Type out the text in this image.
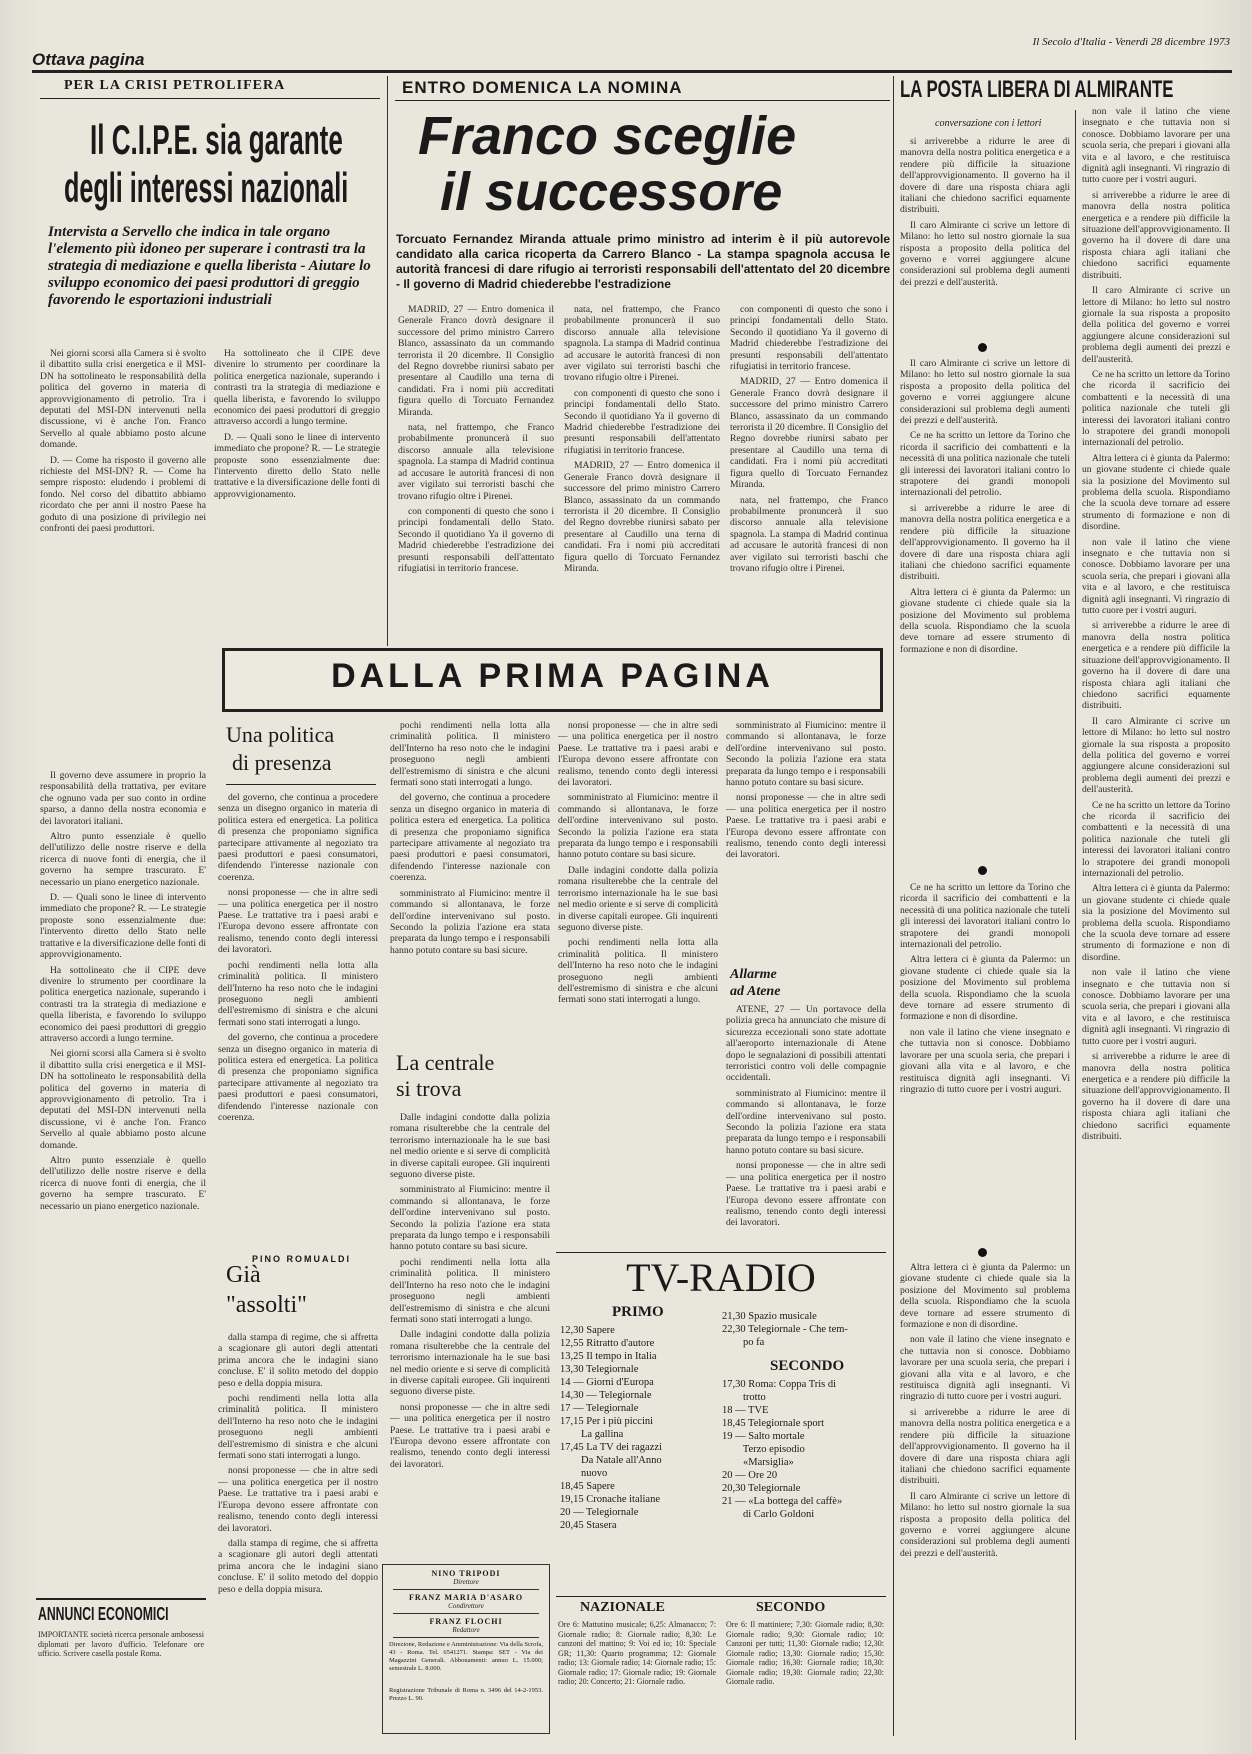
Ottava pagina
Il Secolo d'Italia - Venerdì 28 dicembre 1973
PER LA CRISI PETROLIFERA
Il C.I.P.E. sia garante
degli interessi nazionali
Intervista a Servello che indica in tale organo l'elemento più idoneo per superare i contrasti tra la strategia di mediazione e quella liberista - Aiutare lo sviluppo economico dei paesi produttori di greggio favorendo le esportazioni industriali

Nei giorni scorsi alla Camera si è svolto il dibattito sulla crisi energetica e il MSI-DN ha sottolineato le responsabilità della politica del governo in materia di approvvigionamento di petrolio. Tra i deputati del MSI-DN intervenuti nella discussione, vi è anche l'on. Franco Servello al quale abbiamo posto alcune domande.

D. — Come ha risposto il governo alle richieste del MSI-DN? R. — Come ha sempre risposto: eludendo i problemi di fondo. Nel corso del dibattito abbiamo ricordato che per anni il nostro Paese ha goduto di una posizione di privilegio nei confronti dei paesi produttori.

Ha sottolineato che il CIPE deve divenire lo strumento per coordinare la politica energetica nazionale, superando i contrasti tra la strategia di mediazione e quella liberista, e favorendo lo sviluppo economico dei paesi produttori di greggio attraverso accordi a lungo termine.

D. — Quali sono le linee di intervento immediato che propone? R. — Le strategie proposte sono essenzialmente due: l'intervento diretto dello Stato nelle trattative e la diversificazione delle fonti di approvvigionamento.

Il governo deve assumere in proprio la responsabilità della trattativa, per evitare che ognuno vada per suo conto in ordine sparso, a danno della nostra economia e dei lavoratori italiani.

Altro punto essenziale è quello dell'utilizzo delle nostre riserve e della ricerca di nuove fonti di energia, che il governo ha sempre trascurato. E' necessario un piano energetico nazionale.

D. — Quali sono le linee di intervento immediato che propone? R. — Le strategie proposte sono essenzialmente due: l'intervento diretto dello Stato nelle trattative e la diversificazione delle fonti di approvvigionamento.

Ha sottolineato che il CIPE deve divenire lo strumento per coordinare la politica energetica nazionale, superando i contrasti tra la strategia di mediazione e quella liberista, e favorendo lo sviluppo economico dei paesi produttori di greggio attraverso accordi a lungo termine.

Nei giorni scorsi alla Camera si è svolto il dibattito sulla crisi energetica e il MSI-DN ha sottolineato le responsabilità della politica del governo in materia di approvvigionamento di petrolio. Tra i deputati del MSI-DN intervenuti nella discussione, vi è anche l'on. Franco Servello al quale abbiamo posto alcune domande.

Altro punto essenziale è quello dell'utilizzo delle nostre riserve e della ricerca di nuove fonti di energia, che il governo ha sempre trascurato. E' necessario un piano energetico nazionale.

ENTRO DOMENICA LA NOMINA
Franco sceglie
il successore
Torcuato Fernandez Miranda attuale primo ministro ad interim è il più autorevole candidato alla carica ricoperta da Carrero Blanco - La stampa spagnola accusa le autorità francesi di dare rifugio ai terroristi responsabili dell'attentato del 20 dicembre - Il governo di Madrid chiederebbe l'estradizione

MADRID, 27 — Entro domenica il Generale Franco dovrà designare il successore del primo ministro Carrero Blanco, assassinato da un commando terrorista il 20 dicembre. Il Consiglio del Regno dovrebbe riunirsi sabato per presentare al Caudillo una terna di candidati. Fra i nomi più accreditati figura quello di Torcuato Fernandez Miranda.

nata, nel frattempo, che Franco probabilmente pronuncerà il suo discorso annuale alla televisione spagnola. La stampa di Madrid continua ad accusare le autorità francesi di non aver vigilato sui terroristi baschi che trovano rifugio oltre i Pirenei.

con componenti di questo che sono i principi fondamentali dello Stato. Secondo il quotidiano Ya il governo di Madrid chiederebbe l'estradizione dei presunti responsabili dell'attentato rifugiatisi in territorio francese.

nata, nel frattempo, che Franco probabilmente pronuncerà il suo discorso annuale alla televisione spagnola. La stampa di Madrid continua ad accusare le autorità francesi di non aver vigilato sui terroristi baschi che trovano rifugio oltre i Pirenei.

con componenti di questo che sono i principi fondamentali dello Stato. Secondo il quotidiano Ya il governo di Madrid chiederebbe l'estradizione dei presunti responsabili dell'attentato rifugiatisi in territorio francese.

MADRID, 27 — Entro domenica il Generale Franco dovrà designare il successore del primo ministro Carrero Blanco, assassinato da un commando terrorista il 20 dicembre. Il Consiglio del Regno dovrebbe riunirsi sabato per presentare al Caudillo una terna di candidati. Fra i nomi più accreditati figura quello di Torcuato Fernandez Miranda.

con componenti di questo che sono i principi fondamentali dello Stato. Secondo il quotidiano Ya il governo di Madrid chiederebbe l'estradizione dei presunti responsabili dell'attentato rifugiatisi in territorio francese.

MADRID, 27 — Entro domenica il Generale Franco dovrà designare il successore del primo ministro Carrero Blanco, assassinato da un commando terrorista il 20 dicembre. Il Consiglio del Regno dovrebbe riunirsi sabato per presentare al Caudillo una terna di candidati. Fra i nomi più accreditati figura quello di Torcuato Fernandez Miranda.

nata, nel frattempo, che Franco probabilmente pronuncerà il suo discorso annuale alla televisione spagnola. La stampa di Madrid continua ad accusare le autorità francesi di non aver vigilato sui terroristi baschi che trovano rifugio oltre i Pirenei.

LA POSTA LIBERA DI ALMIRANTE
conversazione con i lettori

si arriverebbe a ridurre le aree di manovra della nostra politica energetica e a rendere più difficile la situazione dell'approvvigionamento. Il governo ha il dovere di dare una risposta chiara agli italiani che chiedono sacrifici equamente distribuiti.

Il caro Almirante ci scrive un lettore di Milano: ho letto sul nostro giornale la sua risposta a proposito della politica del governo e vorrei aggiungere alcune considerazioni sul problema degli aumenti dei prezzi e dell'austerità.

Il caro Almirante ci scrive un lettore di Milano: ho letto sul nostro giornale la sua risposta a proposito della politica del governo e vorrei aggiungere alcune considerazioni sul problema degli aumenti dei prezzi e dell'austerità.

Ce ne ha scritto un lettore da Torino che ricorda il sacrificio dei combattenti e la necessità di una politica nazionale che tuteli gli interessi dei lavoratori italiani contro lo strapotere dei grandi monopoli internazionali del petrolio.

si arriverebbe a ridurre le aree di manovra della nostra politica energetica e a rendere più difficile la situazione dell'approvvigionamento. Il governo ha il dovere di dare una risposta chiara agli italiani che chiedono sacrifici equamente distribuiti.

Altra lettera ci è giunta da Palermo: un giovane studente ci chiede quale sia la posizione del Movimento sul problema della scuola. Rispondiamo che la scuola deve tornare ad essere strumento di formazione e non di disordine.

Ce ne ha scritto un lettore da Torino che ricorda il sacrificio dei combattenti e la necessità di una politica nazionale che tuteli gli interessi dei lavoratori italiani contro lo strapotere dei grandi monopoli internazionali del petrolio.

Altra lettera ci è giunta da Palermo: un giovane studente ci chiede quale sia la posizione del Movimento sul problema della scuola. Rispondiamo che la scuola deve tornare ad essere strumento di formazione e non di disordine.

non vale il latino che viene insegnato e che tuttavia non si conosce. Dobbiamo lavorare per una scuola seria, che prepari i giovani alla vita e al lavoro, e che restituisca dignità agli insegnanti. Vi ringrazio di tutto cuore per i vostri auguri.

Altra lettera ci è giunta da Palermo: un giovane studente ci chiede quale sia la posizione del Movimento sul problema della scuola. Rispondiamo che la scuola deve tornare ad essere strumento di formazione e non di disordine.

non vale il latino che viene insegnato e che tuttavia non si conosce. Dobbiamo lavorare per una scuola seria, che prepari i giovani alla vita e al lavoro, e che restituisca dignità agli insegnanti. Vi ringrazio di tutto cuore per i vostri auguri.

si arriverebbe a ridurre le aree di manovra della nostra politica energetica e a rendere più difficile la situazione dell'approvvigionamento. Il governo ha il dovere di dare una risposta chiara agli italiani che chiedono sacrifici equamente distribuiti.

Il caro Almirante ci scrive un lettore di Milano: ho letto sul nostro giornale la sua risposta a proposito della politica del governo e vorrei aggiungere alcune considerazioni sul problema degli aumenti dei prezzi e dell'austerità.

non vale il latino che viene insegnato e che tuttavia non si conosce. Dobbiamo lavorare per una scuola seria, che prepari i giovani alla vita e al lavoro, e che restituisca dignità agli insegnanti. Vi ringrazio di tutto cuore per i vostri auguri.

si arriverebbe a ridurre le aree di manovra della nostra politica energetica e a rendere più difficile la situazione dell'approvvigionamento. Il governo ha il dovere di dare una risposta chiara agli italiani che chiedono sacrifici equamente distribuiti.

Il caro Almirante ci scrive un lettore di Milano: ho letto sul nostro giornale la sua risposta a proposito della politica del governo e vorrei aggiungere alcune considerazioni sul problema degli aumenti dei prezzi e dell'austerità.

Ce ne ha scritto un lettore da Torino che ricorda il sacrificio dei combattenti e la necessità di una politica nazionale che tuteli gli interessi dei lavoratori italiani contro lo strapotere dei grandi monopoli internazionali del petrolio.

Altra lettera ci è giunta da Palermo: un giovane studente ci chiede quale sia la posizione del Movimento sul problema della scuola. Rispondiamo che la scuola deve tornare ad essere strumento di formazione e non di disordine.

non vale il latino che viene insegnato e che tuttavia non si conosce. Dobbiamo lavorare per una scuola seria, che prepari i giovani alla vita e al lavoro, e che restituisca dignità agli insegnanti. Vi ringrazio di tutto cuore per i vostri auguri.

si arriverebbe a ridurre le aree di manovra della nostra politica energetica e a rendere più difficile la situazione dell'approvvigionamento. Il governo ha il dovere di dare una risposta chiara agli italiani che chiedono sacrifici equamente distribuiti.

Il caro Almirante ci scrive un lettore di Milano: ho letto sul nostro giornale la sua risposta a proposito della politica del governo e vorrei aggiungere alcune considerazioni sul problema degli aumenti dei prezzi e dell'austerità.

Ce ne ha scritto un lettore da Torino che ricorda il sacrificio dei combattenti e la necessità di una politica nazionale che tuteli gli interessi dei lavoratori italiani contro lo strapotere dei grandi monopoli internazionali del petrolio.

Altra lettera ci è giunta da Palermo: un giovane studente ci chiede quale sia la posizione del Movimento sul problema della scuola. Rispondiamo che la scuola deve tornare ad essere strumento di formazione e non di disordine.

non vale il latino che viene insegnato e che tuttavia non si conosce. Dobbiamo lavorare per una scuola seria, che prepari i giovani alla vita e al lavoro, e che restituisca dignità agli insegnanti. Vi ringrazio di tutto cuore per i vostri auguri.

si arriverebbe a ridurre le aree di manovra della nostra politica energetica e a rendere più difficile la situazione dell'approvvigionamento. Il governo ha il dovere di dare una risposta chiara agli italiani che chiedono sacrifici equamente distribuiti.

DALLA PRIMA PAGINA
Una politica
di presenza

del governo, che continua a procedere senza un disegno organico in materia di politica estera ed energetica. La politica di presenza che proponiamo significa partecipare attivamente al negoziato tra paesi produttori e paesi consumatori, difendendo l'interesse nazionale con coerenza.

nonsi proponesse — che in altre sedi — una politica energetica per il nostro Paese. Le trattative tra i paesi arabi e l'Europa devono essere affrontate con realismo, tenendo conto degli interessi dei lavoratori.

pochi rendimenti nella lotta alla criminalità politica. Il ministero dell'Interno ha reso noto che le indagini proseguono negli ambienti dell'estremismo di sinistra e che alcuni fermati sono stati interrogati a lungo.

del governo, che continua a procedere senza un disegno organico in materia di politica estera ed energetica. La politica di presenza che proponiamo significa partecipare attivamente al negoziato tra paesi produttori e paesi consumatori, difendendo l'interesse nazionale con coerenza.

PINO ROMUALDI
Già
"assolti"

dalla stampa di regime, che si affretta a scagionare gli autori degli attentati prima ancora che le indagini siano concluse. E' il solito metodo del doppio peso e della doppia misura.

pochi rendimenti nella lotta alla criminalità politica. Il ministero dell'Interno ha reso noto che le indagini proseguono negli ambienti dell'estremismo di sinistra e che alcuni fermati sono stati interrogati a lungo.

nonsi proponesse — che in altre sedi — una politica energetica per il nostro Paese. Le trattative tra i paesi arabi e l'Europa devono essere affrontate con realismo, tenendo conto degli interessi dei lavoratori.

dalla stampa di regime, che si affretta a scagionare gli autori degli attentati prima ancora che le indagini siano concluse. E' il solito metodo del doppio peso e della doppia misura.

pochi rendimenti nella lotta alla criminalità politica. Il ministero dell'Interno ha reso noto che le indagini proseguono negli ambienti dell'estremismo di sinistra e che alcuni fermati sono stati interrogati a lungo.

del governo, che continua a procedere senza un disegno organico in materia di politica estera ed energetica. La politica di presenza che proponiamo significa partecipare attivamente al negoziato tra paesi produttori e paesi consumatori, difendendo l'interesse nazionale con coerenza.

somministrato al Fiumicino: mentre il commando si allontanava, le forze dell'ordine intervenivano sul posto. Secondo la polizia l'azione era stata preparata da lungo tempo e i responsabili hanno potuto contare su basi sicure.

La centrale
si trova

Dalle indagini condotte dalla polizia romana risulterebbe che la centrale del terrorismo internazionale ha le sue basi nel medio oriente e si serve di complicità in diverse capitali europee. Gli inquirenti seguono diverse piste.

somministrato al Fiumicino: mentre il commando si allontanava, le forze dell'ordine intervenivano sul posto. Secondo la polizia l'azione era stata preparata da lungo tempo e i responsabili hanno potuto contare su basi sicure.

pochi rendimenti nella lotta alla criminalità politica. Il ministero dell'Interno ha reso noto che le indagini proseguono negli ambienti dell'estremismo di sinistra e che alcuni fermati sono stati interrogati a lungo.

Dalle indagini condotte dalla polizia romana risulterebbe che la centrale del terrorismo internazionale ha le sue basi nel medio oriente e si serve di complicità in diverse capitali europee. Gli inquirenti seguono diverse piste.

nonsi proponesse — che in altre sedi — una politica energetica per il nostro Paese. Le trattative tra i paesi arabi e l'Europa devono essere affrontate con realismo, tenendo conto degli interessi dei lavoratori.

nonsi proponesse — che in altre sedi — una politica energetica per il nostro Paese. Le trattative tra i paesi arabi e l'Europa devono essere affrontate con realismo, tenendo conto degli interessi dei lavoratori.

somministrato al Fiumicino: mentre il commando si allontanava, le forze dell'ordine intervenivano sul posto. Secondo la polizia l'azione era stata preparata da lungo tempo e i responsabili hanno potuto contare su basi sicure.

Dalle indagini condotte dalla polizia romana risulterebbe che la centrale del terrorismo internazionale ha le sue basi nel medio oriente e si serve di complicità in diverse capitali europee. Gli inquirenti seguono diverse piste.

pochi rendimenti nella lotta alla criminalità politica. Il ministero dell'Interno ha reso noto che le indagini proseguono negli ambienti dell'estremismo di sinistra e che alcuni fermati sono stati interrogati a lungo.

somministrato al Fiumicino: mentre il commando si allontanava, le forze dell'ordine intervenivano sul posto. Secondo la polizia l'azione era stata preparata da lungo tempo e i responsabili hanno potuto contare su basi sicure.

nonsi proponesse — che in altre sedi — una politica energetica per il nostro Paese. Le trattative tra i paesi arabi e l'Europa devono essere affrontate con realismo, tenendo conto degli interessi dei lavoratori.

Allarme
ad Atene

ATENE, 27 — Un portavoce della polizia greca ha annunciato che misure di sicurezza eccezionali sono state adottate all'aeroporto internazionale di Atene dopo le segnalazioni di possibili attentati terroristici contro voli delle compagnie occidentali.

somministrato al Fiumicino: mentre il commando si allontanava, le forze dell'ordine intervenivano sul posto. Secondo la polizia l'azione era stata preparata da lungo tempo e i responsabili hanno potuto contare su basi sicure.

nonsi proponesse — che in altre sedi — una politica energetica per il nostro Paese. Le trattative tra i paesi arabi e l'Europa devono essere affrontate con realismo, tenendo conto degli interessi dei lavoratori.

TV-RADIO
PRIMO
12,30 Sapere
12,55 Ritratto d'autore
13,25 Il tempo in Italia
13,30 Telegiornale
14 — Giorni d'Europa
14,30 — Telegiornale
17 — Telegiornale
17,15 Per i più piccini
La gallina
17,45 La TV dei ragazzi
Da Natale all'Anno
nuovo
18,45 Sapere
19,15 Cronache italiane
20 — Telegiornale
20,45 Stasera
21,30 Spazio musicale
22,30 Telegiornale - Che tem-
po fa
SECONDO
17,30 Roma: Coppa Tris di
trotto
18 — TVE
18,45 Telegiornale sport
19 — Salto mortale
Terzo episodio
«Marsiglia»
20 — Ore 20
20,30 Telegiornale
21 — «La bottega del caffè»
di Carlo Goldoni
NINO TRIPODI
Direttore
FRANZ MARIA D'ASARO
Condirettore
FRANZ FLOCHI
Redattore
Direzione, Redazione e Amministrazione: Via della Scrofa, 43 - Roma. Tel. 6541271. Stampa: SET - Via dei Magazzini Generali. Abbonamenti: annuo L. 15.000; semestrale L. 8.000.
Registrazione Tribunale di Roma n. 3496 del 14-2-1953. Prezzo L. 90.
NAZIONALE	SECONDO
Ore 6: Mattutino musicale; 6,25: Almanacco; 7: Giornale radio; 8: Giornale radio; 8,30: Le canzoni del mattino; 9: Voi ed io; 10: Speciale GR; 11,30: Quarto programma; 12: Giornale radio; 13: Giornale radio; 14: Giornale radio; 15: Giornale radio; 17: Giornale radio; 19: Giornale radio; 20: Concerto; 21: Giornale radio.
Ore 6: Il mattiniere; 7,30: Giornale radio; 8,30: Giornale radio; 9,30: Giornale radio; 10: Canzoni per tutti; 11,30: Giornale radio; 12,30: Giornale radio; 13,30: Giornale radio; 15,30: Giornale radio; 16,30: Giornale radio; 18,30: Giornale radio; 19,30: Giornale radio; 22,30: Giornale radio.
ANNUNCI ECONOMICI
IMPORTANTE società ricerca personale ambosessi diplomati per lavoro d'ufficio. Telefonare ore ufficio. Scrivere casella postale Roma.
